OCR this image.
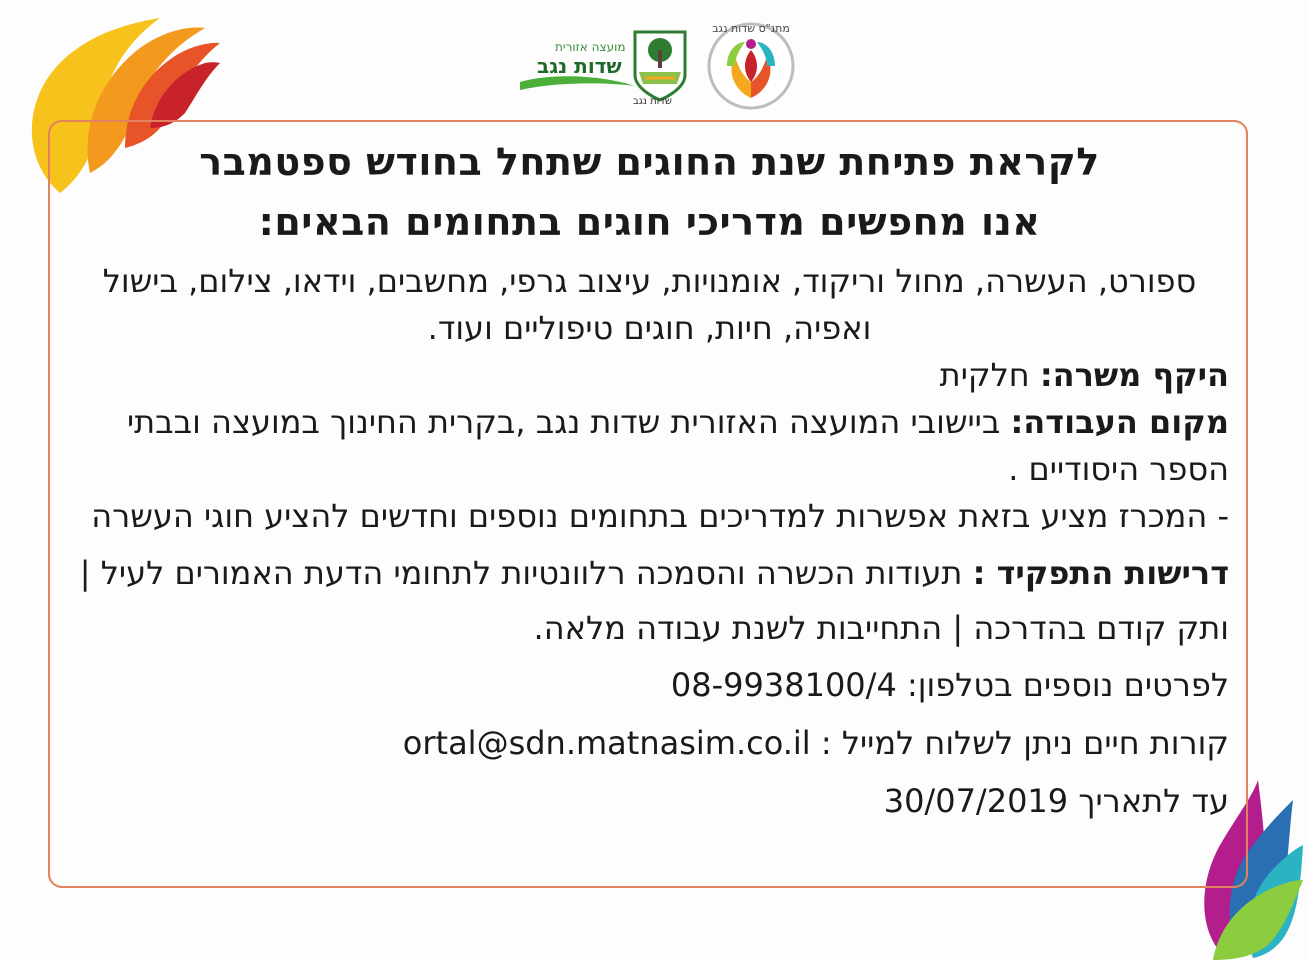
מועצה אזורית
שדות נגב
שדות נגב
מתנ"ס שדות נגב
לקראת פתיחת שנת החוגים שתחל בחודש ספטמבר
אנו מחפשים מדריכי חוגים בתחומים הבאים:

ספורט, העשרה, מחול וריקוד, אומנויות, עיצוב גרפי, מחשבים, וידאו, צילום, בישול ואפיה, חיות, חוגים טיפוליים ועוד.

היקף משרה: חלקית

מקום העבודה: ביישובי המועצה האזורית שדות נגב ,בקרית החינוך במועצה ובבתי הספר היסודיים .

- המכרז מציע בזאת אפשרות למדריכים בתחומים נוספים וחדשים להציע חוגי העשרה

דרישות התפקיד : תעודות הכשרה והסמכה רלוונטיות לתחומי הדעת האמורים לעיל | ותק קודם בהדרכה | התחייבות לשנת עבודה מלאה.

לפרטים נוספים בטלפון: 08-9938100/4

קורות חיים ניתן לשלוח למייל : ortal@sdn.matnasim.co.il

עד לתאריך 30/07/2019
